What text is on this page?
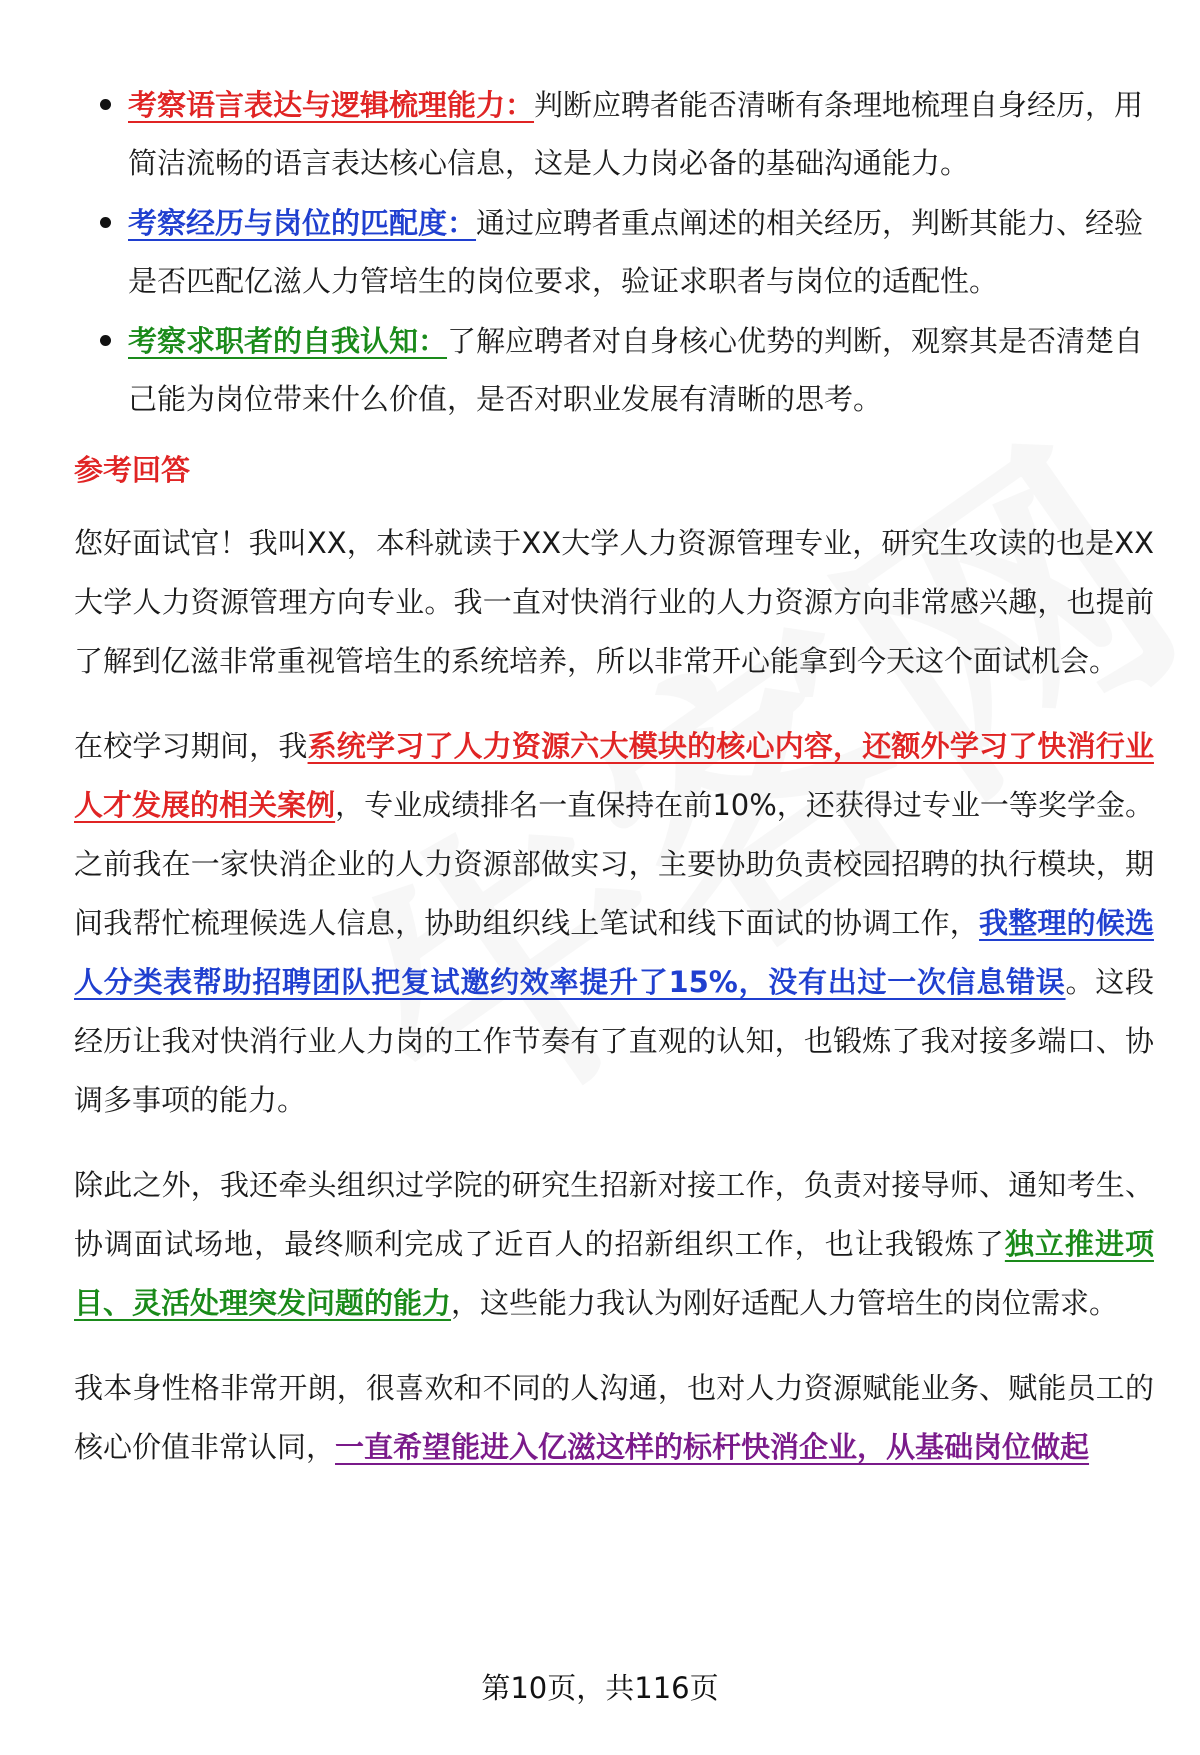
考察语言表达与逻辑梳理能力：判断应聘者能否清晰有条理地梳理自身经历，用简洁流畅的语言表达核心信息，这是人力岗必备的基础沟通能力。
考察经历与岗位的匹配度：通过应聘者重点阐述的相关经历，判断其能力、经验是否匹配亿滋人力管培生的岗位要求，验证求职者与岗位的适配性。
考察求职者的自我认知：了解应聘者对自身核心优势的判断，观察其是否清楚自己能为岗位带来什么价值，是否对职业发展有清晰的思考。
参考回答

您好面试官！我叫XX，本科就读于XX大学人力资源管理专业，研究生攻读的也是XX大学人力资源管理方向专业。我一直对快消行业的人力资源方向非常感兴趣，也提前了解到亿滋非常重视管培生的系统培养，所以非常开心能拿到今天这个面试机会。

在校学习期间，我系统学习了人力资源六大模块的核心内容，还额外学习了快消行业人才发展的相关案例，专业成绩排名一直保持在前10%，还获得过专业一等奖学金。之前我在一家快消企业的人力资源部做实习，主要协助负责校园招聘的执行模块，期间我帮忙梳理候选人信息，协助组织线上笔试和线下面试的协调工作，我整理的候选人分类表帮助招聘团队把复试邀约效率提升了15%，没有出过一次信息错误。这段经历让我对快消行业人力岗的工作节奏有了直观的认知，也锻炼了我对接多端口、协调多事项的能力。

除此之外，我还牵头组织过学院的研究生招新对接工作，负责对接导师、通知考生、协调面试场地，最终顺利完成了近百人的招新组织工作，也让我锻炼了独立推进项目、灵活处理突发问题的能力，这些能力我认为刚好适配人力管培生的岗位需求。

我本身性格非常开朗，很喜欢和不同的人沟通，也对人力资源赋能业务、赋能员工的核心价值非常认同，一直希望能进入亿滋这样的标杆快消企业，从基础岗位做起

第10页，共116页
